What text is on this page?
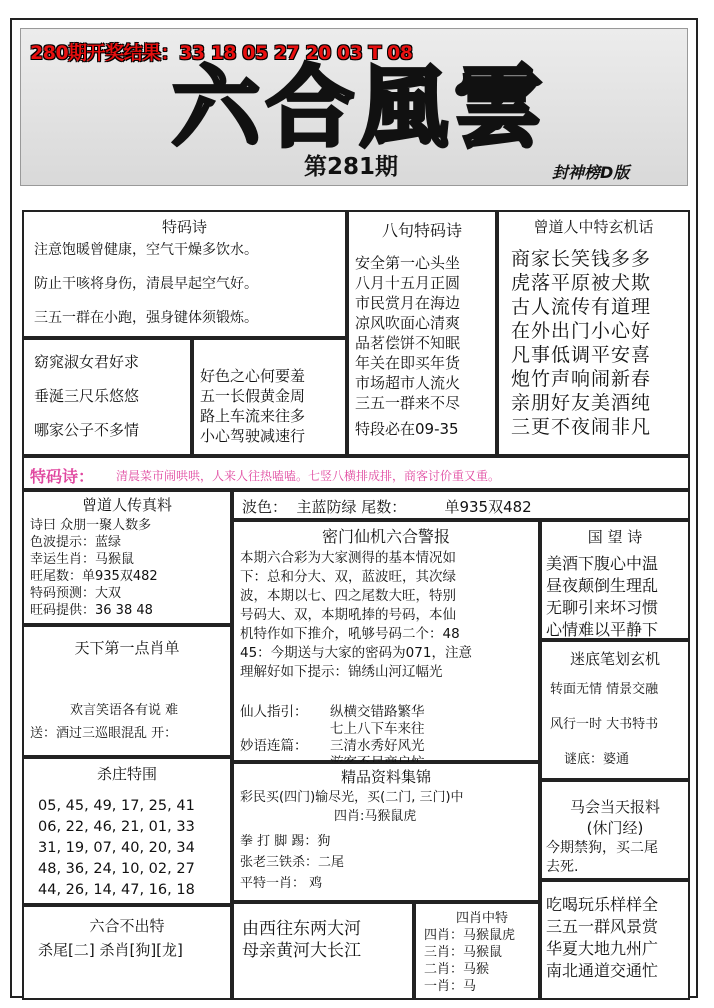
280期开奖结果：33 18 05 27 20 03 T 08
六合風雲
第281期	封神榜D版
特码诗
注意饱暖曾健康，空气干燥多饮水。
防止干咳将身伤，清晨早起空气好。
三五一群在小跑，强身键体须锻炼。
窈窕淑女君好求
垂涎三尺乐悠悠
哪家公子不多情
好色之心何要羞
五一长假黄金周
路上车流来往多
小心驾驶减速行
八句特码诗
安全第一心头坐
八月十五月正圆
市民赏月在海边
凉风吹面心清爽
品茗偿饼不知眠
年关在即买年货
市场超市人流火
三五一群来不尽
特段必在09-35
曾道人中特玄机话
商家长笑钱多多
虎落平原被犬欺
古人流传有道理
在外出门小心好
凡事低调平安喜
炮竹声响闹新春
亲朋好友美酒纯
三更不夜闹非凡
特码诗： 清晨菜市闹哄哄，人来人往热嗑嗑。七竖八横排成排，商客讨价重又重。
曾道人传真料
诗曰 众朋一聚人数多
色波提示：蓝绿
幸运生肖：马猴鼠
旺尾数：单935双482
特码预测：大双
旺码提供：36 38 48
波色：  主蓝防绿 尾数：        单935双482
密门仙机六合警报
本期六合彩为大家测得的基本情况如
下：总和分大、双，蓝波旺，其次绿
波，本期以七、四之尾数大旺，特别
号码大、双，本期吼捧的号码，本仙
机特作如下推介，吼够号码二个：48
45：今期送与大家的密码为071，注意
理解好如下提示：锦绣山河辽幅光
仙人指引： 纵横交错路繁华
七上八下车来往
妙语连篇： 三清水秀好风光
国 望 诗
美酒下腹心中温
昼夜颠倒生理乱
无聊引来坏习惯
心情难以平静下
迷底笔划玄机
转面无情 情景交融
风行一时 大书特书
谜底：婆通
天下第一点肖单
欢言笑语各有说 难
送：酒过三巡眼混乱 开：
杀庄特围
05, 45, 49, 17, 25, 41
06, 22, 46, 21, 01, 33
31, 19, 07, 40, 20, 34
48, 36, 24, 10, 02, 27
44, 26, 14, 47, 16, 18
精品资料集锦
彩民买(四门)输尽光，买(二门, 三门)中
四肖:马猴鼠虎
拳 打 脚 踢：狗
张老三铁杀：二尾
平特一肖： 鸡
马会当天报料
(休门经)
今期禁狗，买二尾
去死.
六合不出特
杀尾[二] 杀肖[狗][龙]
由西往东两大河
母亲黄河大长江
四肖中特
四肖：马猴鼠虎
三肖：马猴鼠
二肖：马猴
一肖：马
吃喝玩乐样样全
三五一群风景赏
华夏大地九州广
南北通道交通忙
